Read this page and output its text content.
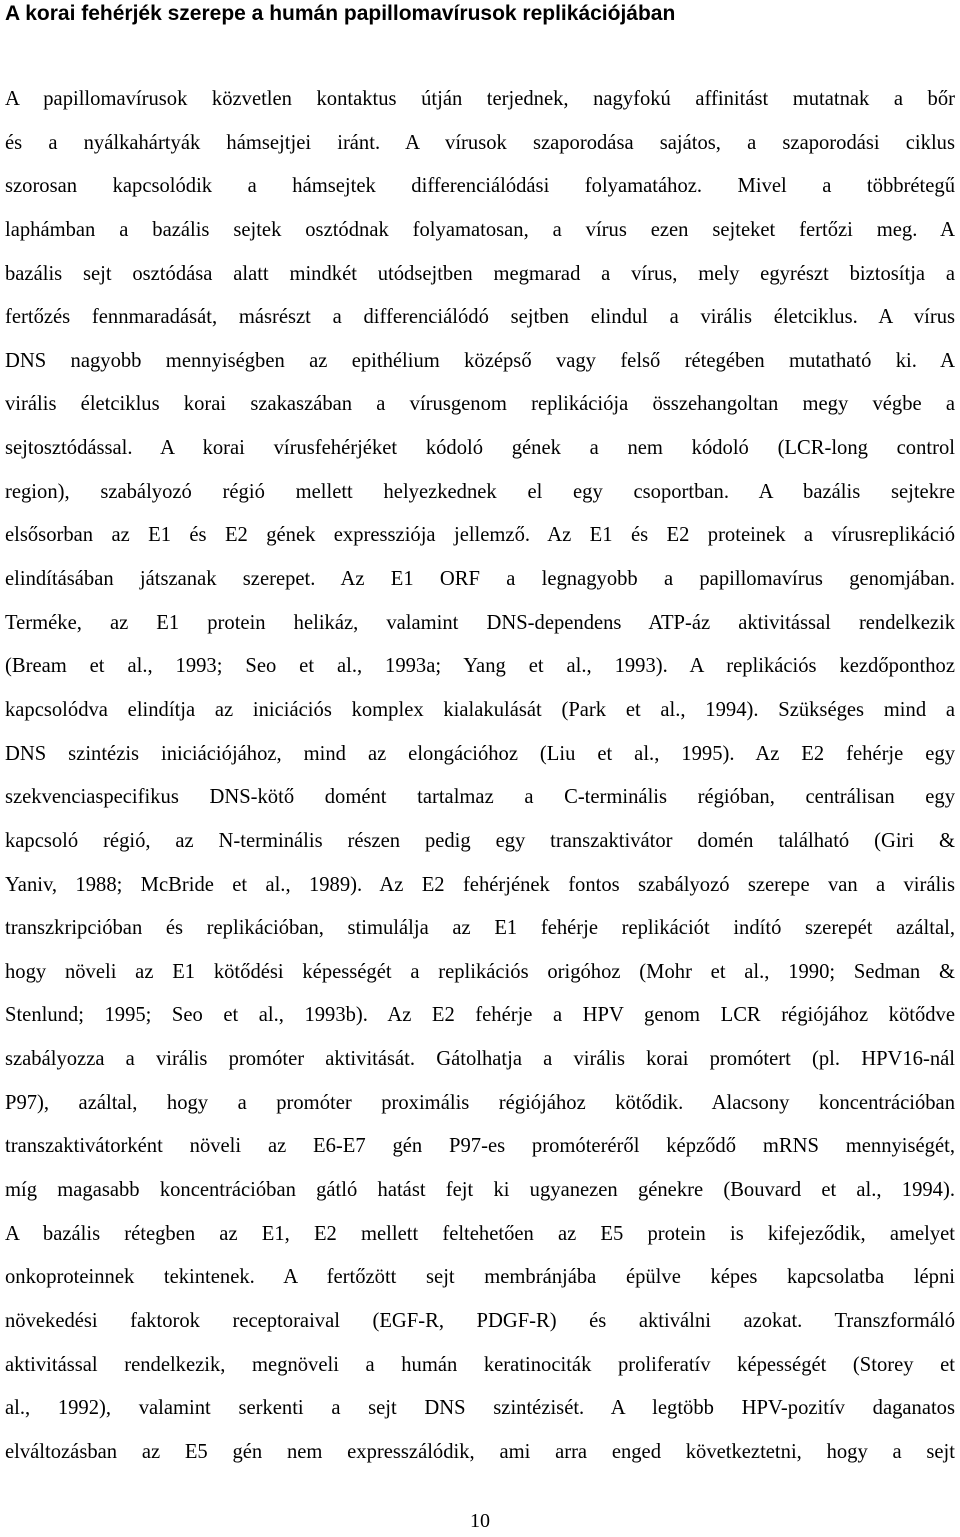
A korai fehérjék szerepe a humán papillomavírusok replikációjában
A papillomavírusok közvetlen kontaktus útján terjednek, nagyfokú affinitást mutatnak a bőr
és a nyálkahártyák hámsejtjei iránt. A vírusok szaporodása sajátos, a szaporodási ciklus
szorosan kapcsolódik a hámsejtek differenciálódási folyamatához. Mivel a többrétegű
laphámban a bazális sejtek osztódnak folyamatosan, a vírus ezen sejteket fertőzi meg. A
bazális sejt osztódása alatt mindkét utódsejtben megmarad a vírus, mely egyrészt biztosítja a
fertőzés fennmaradását, másrészt a differenciálódó sejtben elindul a virális életciklus. A vírus
DNS nagyobb mennyiségben az epithélium középső vagy felső rétegében mutatható ki. A
virális életciklus korai szakaszában a vírusgenom replikációja összehangoltan megy végbe a
sejtosztódással. A korai vírusfehérjéket kódoló gének a nem kódoló (LCR-long control
region), szabályozó régió mellett helyezkednek el egy csoportban. A bazális sejtekre
elsősorban az E1 és E2 gének expressziója jellemző. Az E1 és E2 proteinek a vírusreplikáció
elindításában játszanak szerepet. Az E1 ORF a legnagyobb a papillomavírus genomjában.
Terméke, az E1 protein helikáz, valamint DNS-dependens ATP-áz aktivitással rendelkezik
(Bream et al., 1993; Seo et al., 1993a; Yang et al., 1993). A replikációs kezdőponthoz
kapcsolódva elindítja az iniciációs komplex kialakulását (Park et al., 1994). Szükséges mind a
DNS szintézis iniciációjához, mind az elongációhoz (Liu et al., 1995). Az E2 fehérje egy
szekvenciaspecifikus DNS-kötő domént tartalmaz a C-terminális régióban, centrálisan egy
kapcsoló régió, az N-terminális részen pedig egy transzaktivátor domén található (Giri &
Yaniv, 1988; McBride et al., 1989). Az E2 fehérjének fontos szabályozó szerepe van a virális
transzkripcióban és replikációban, stimulálja az E1 fehérje replikációt indító szerepét azáltal,
hogy növeli az E1 kötődési képességét a replikációs origóhoz (Mohr et al., 1990; Sedman &
Stenlund; 1995; Seo et al., 1993b). Az E2 fehérje a HPV genom LCR régiójához kötődve
szabályozza a virális promóter aktivitását. Gátolhatja a virális korai promótert (pl. HPV16-nál
P97), azáltal, hogy a promóter proximális régiójához kötődik. Alacsony koncentrációban
transzaktivátorként növeli az E6-E7 gén P97-es promóteréről képződő mRNS mennyiségét,
míg magasabb koncentrációban gátló hatást fejt ki ugyanezen génekre (Bouvard et al., 1994).
A bazális rétegben az E1, E2 mellett feltehetően az E5 protein is kifejeződik, amelyet
onkoproteinnek tekintenek. A fertőzött sejt membránjába épülve képes kapcsolatba lépni
növekedési faktorok receptoraival (EGF-R, PDGF-R) és aktiválni azokat. Transzformáló
aktivitással rendelkezik, megnöveli a humán keratinociták proliferatív képességét (Storey et
al., 1992), valamint serkenti a sejt DNS szintézisét. A legtöbb HPV-pozitív daganatos
elváltozásban az E5 gén nem expresszálódik, ami arra enged következtetni, hogy a sejt
10
